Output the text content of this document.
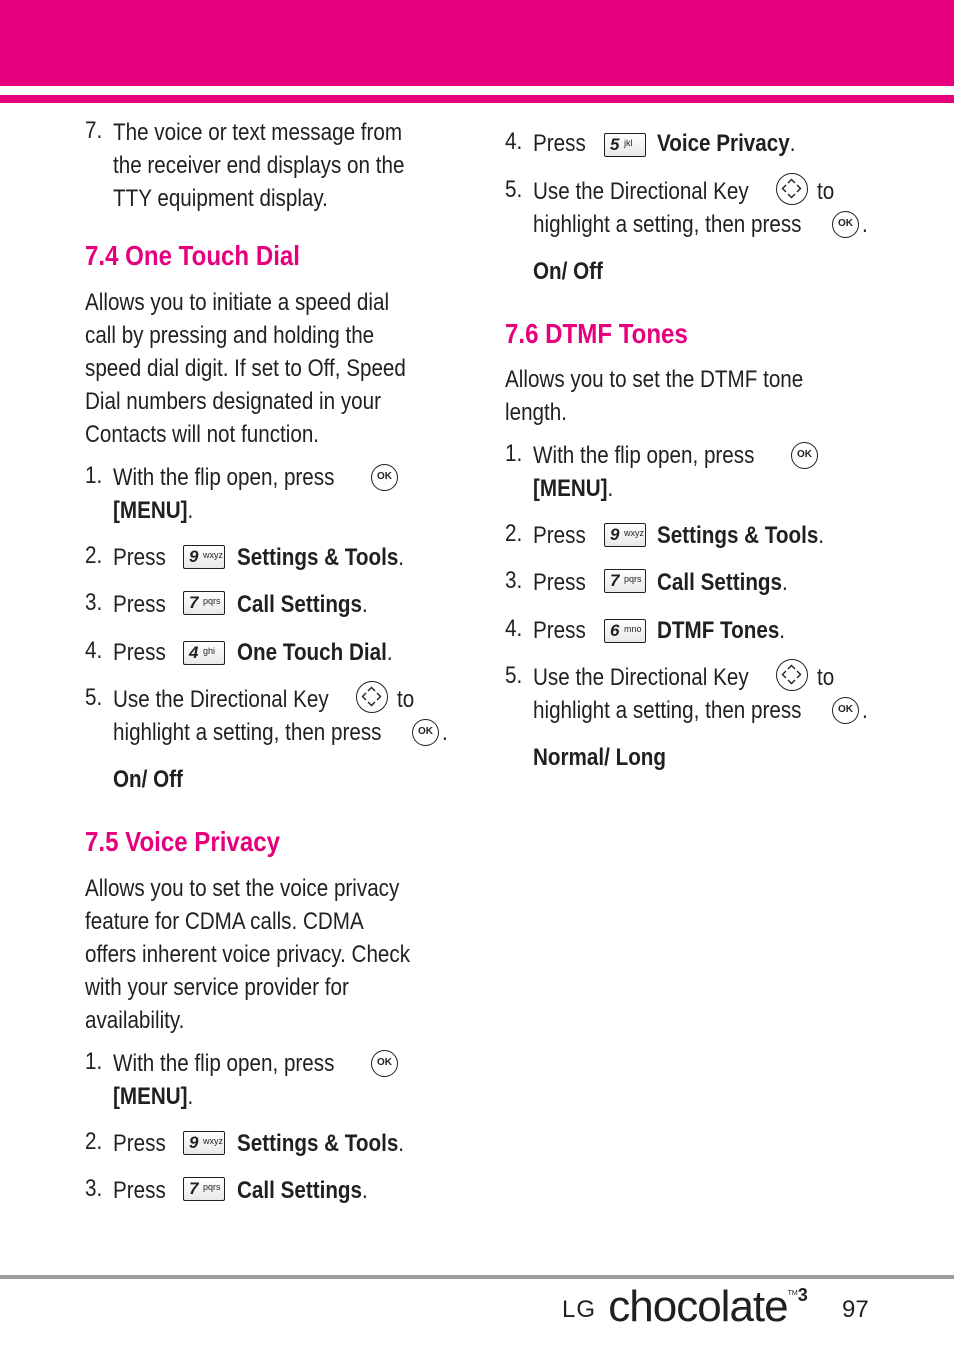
7. The voice or text message from
the receiver end displays on the
TTY equipment display.
7.4 One Touch Dial
Allows you to initiate a speed dial
call by pressing and holding the
speed dial digit. If set to Off, Speed
Dial numbers designated in your
Contacts will not function.
1. With the flip open, press	OK
[MENU].
2. Press 9 wxyz Settings & Tools.
3. Press 7 pqrs Call Settings.
4. Press 4 ghi One Touch Dial.
5. Use the Directional Key	to
highlight a setting, then press	OK .
On/ Off
7.5 Voice Privacy
Allows you to set the voice privacy
feature for CDMA calls. CDMA
offers inherent voice privacy. Check
with your service provider for
availability.
1. With the flip open, press	OK
[MENU].
2. Press 9 wxyz Settings & Tools.
3. Press 7 pqrs Call Settings.
4. Press 5 jkl Voice Privacy.
5. Use the Directional Key	to
highlight a setting, then press	OK .
On/ Off
7.6 DTMF Tones
Allows you to set the DTMF tone
length.
1. With the flip open, press	OK
[MENU].
2. Press 9 wxyz Settings & Tools.
3. Press 7 pqrs Call Settings.
4. Press 6 mno DTMF Tones.
5. Use the Directional Key	to
highlight a setting, then press	OK .
Normal/ Long
LG chocolate$^{TM3}$
97
